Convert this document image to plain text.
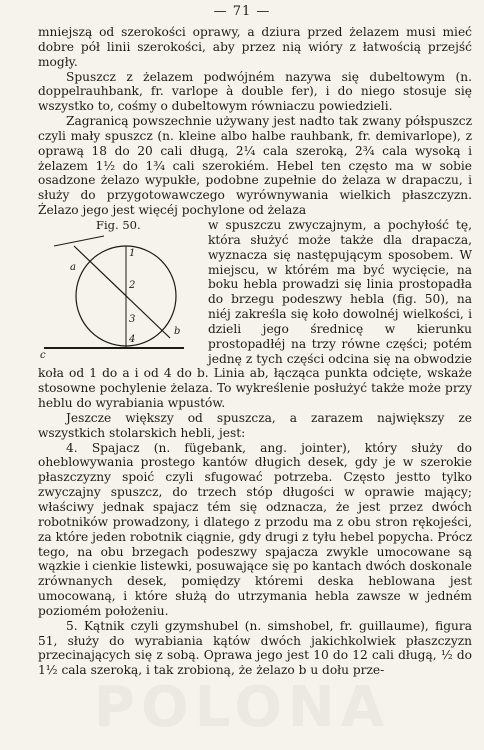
— 71 —

mniejszą od szerokości oprawy, a dziura przed żelazem musi mieć dobre pół linii szerokości, aby przez nią wióry z łatwością przejść mogły.

Spuszcz z żelazem podwójném nazywa się dubeltowym (n. doppelrauhbank, fr. varlope à double fer), i do niego stosuje się wszystko to, cośmy o dubeltowym równiaczu powiedzieli.

Zagranicą powszechnie używany jest nadto tak zwany półspuszcz czyli mały spuszcz (n. kleine albo halbe rauhbank, fr. demivarlope), z oprawą 18 do 20 cali długą, 2¼ cala szeroką, 2¾ cala wysoką i żelazem 1½ do 1¾ cali szerokiém. Hebel ten często ma w sobie osadzone żelazo wypukłe, podobne zupełnie do żelaza w drapaczu, i służy do przygotowawczego wyrównywania wielkich płaszczyzn. Żelazo jego jest więcéj pochylone od żelaza

Fig. 50.
a
1
2
3
4
b
c

w spuszczu zwyczajnym, a pochyłość tę, która służyć może także dla drapacza, wyznacza się następującym sposobem. W miejscu, w którém ma być wycięcie, na boku hebla prowadzi się linia prostopadła do brzegu podeszwy hebla (fig. 50), na niéj zakreśla się koło dowolnéj wielkości, i dzieli jego średnicę w kierunku prostopadłéj na trzy równe części; potém jednę z tych części odcina się na obwodzie koła od 1 do a i od 4 do b. Linia ab, łącząca punkta odcięte, wskaże stosowne pochylenie żelaza. To wykreślenie posłużyć także może przy heblu do wyrabiania wpustów.

Jeszcze większy od spuszcza, a zarazem największy ze wszystkich stolarskich hebli, jest:

4. Spajacz (n. fügebank, ang. jointer), który służy do oheblowywania prostego kantów długich desek, gdy je w szerokie płaszczyzny spoić czyli sfugować potrzeba. Często jestto tylko zwyczajny spuszcz, do trzech stóp długości w oprawie mający; właściwy jednak spajacz tém się odznacza, że jest przez dwóch robotników prowadzony, i dlatego z przodu ma z obu stron rękojeści, za które jeden robotnik ciągnie, gdy drugi z tyłu hebel popycha. Prócz tego, na obu brzegach podeszwy spajacza zwykle umocowane są wązkie i cienkie listewki, posuwające się po kantach dwóch doskonale zrównanych desek, pomiędzy któremi deska heblowana jest umocowaną, i które służą do utrzymania hebla zawsze w jedném poziomém położeniu.

5. Kątnik czyli gzymshubel (n. simshobel, fr. guillaume), figura 51, służy do wyrabiania kątów dwóch jakichkolwiek płaszczyzn przecinających się z sobą. Oprawa jego jest 10 do 12 cali długą, ½ do 1½ cala szeroką, i tak zrobioną, że żelazo b u dołu prze-

POLONA
